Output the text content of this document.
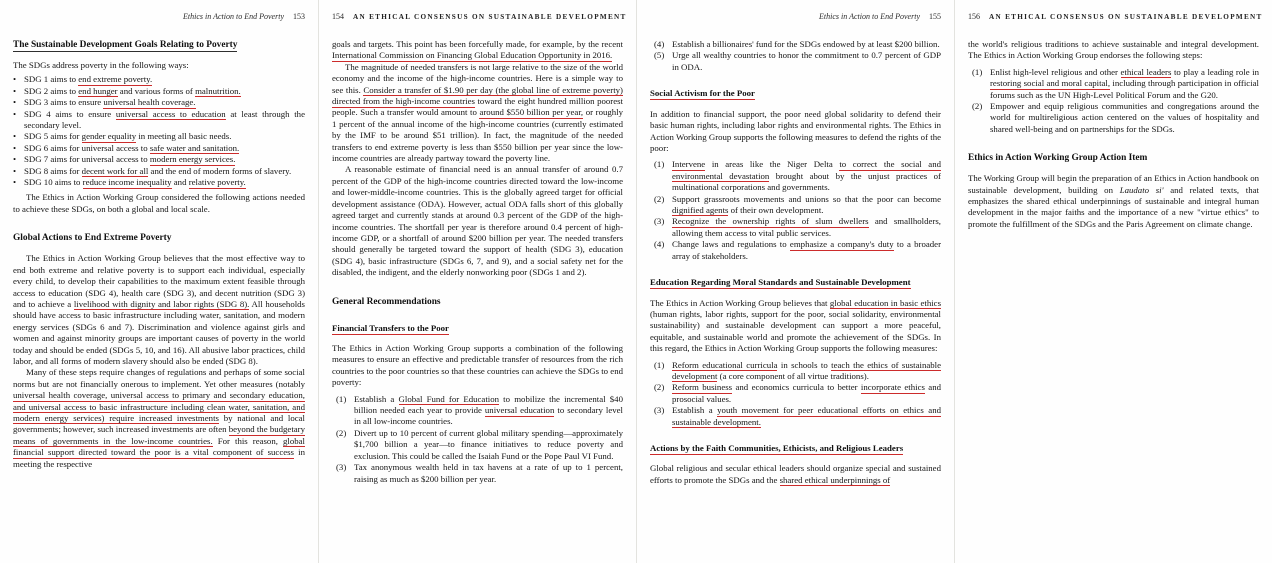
Ethics in Action to End Poverty 153
The Sustainable Development Goals Relating to Poverty
The SDGs address poverty in the following ways:
• SDG 1 aims to end extreme poverty.
• SDG 2 aims to end hunger and various forms of malnutrition.
• SDG 3 aims to ensure universal health coverage.
• SDG 4 aims to ensure universal access to education at least through the secondary level.
• SDG 5 aims for gender equality in meeting all basic needs.
• SDG 6 aims for universal access to safe water and sanitation.
• SDG 7 aims for universal access to modern energy services.
• SDG 8 aims for decent work for all and the end of modern forms of slavery.
• SDG 10 aims to reduce income inequality and relative poverty.
The Ethics in Action Working Group considered the following actions needed to achieve these SDGs, on both a global and local scale.
Global Actions to End Extreme Poverty
The Ethics in Action Working Group believes that the most effective way to end both extreme and relative poverty is to support each individual, especially every child, to develop their capabilities to the maximum extent feasible through access to education (SDG 4), health care (SDG 3), and decent nutrition (SDG 3) and to achieve a livelihood with dignity and labor rights (SDG 8). All households should have access to basic infrastructure including water, sanitation, and modern energy services (SDGs 6 and 7). Discrimination and violence against girls and women and against minority groups are important causes of poverty in the world today and should be ended (SDGs 5, 10, and 16). All abusive labor practices, child labor, and all forms of modern slavery should also be ended (SDG 8).
Many of these steps require changes of regulations and perhaps of some social norms but are not financially onerous to implement. Yet other measures (notably universal health coverage, universal access to primary and secondary education, and universal access to basic infrastructure including clean water, sanitation, and modern energy services) require increased investments by national and local governments; however, such increased investments are often beyond the budgetary means of governments in the low-income countries. For this reason, global financial support directed toward the poor is a vital component of success in meeting the respective
154 AN ETHICAL CONSENSUS ON SUSTAINABLE DEVELOPMENT
goals and targets. This point has been forcefully made, for example, by the recent International Commission on Financing Global Education Opportunity in 2016.
The magnitude of needed transfers is not large relative to the size of the world economy and the income of the high-income countries. Here is a simple way to see this. Consider a transfer of $1.90 per day (the global line of extreme poverty) directed from the high-income countries toward the eight hundred million poorest people. Such a transfer would amount to around $550 billion per year, or roughly 1 percent of the annual income of the high-income countries (currently estimated by the IMF to be around $51 trillion). In fact, the magnitude of the needed transfers to end extreme poverty is less than $550 billion per year since the low-income countries are already partway toward the poverty line.
A reasonable estimate of financial need is an annual transfer of around 0.7 percent of the GDP of the high-income countries directed toward the low-income and lower-middle-income countries. This is the globally agreed target for official development assistance (ODA). However, actual ODA falls short of this globally agreed target and currently stands at around 0.3 percent of the GDP of the high-income countries. The shortfall per year is therefore around 0.4 percent of high-income GDP, or a shortfall of around $200 billion per year. The needed transfers should generally be targeted toward the support of health (SDG 3), education (SDG 4), basic infrastructure (SDGs 6, 7, and 9), and a social safety net for the disabled, the indigent, and the elderly nonworking poor (SDGs 1 and 2).
General Recommendations
Financial Transfers to the Poor
The Ethics in Action Working Group supports a combination of the following measures to ensure an effective and predictable transfer of resources from the rich countries to the poor countries so that these countries can achieve the SDGs to end poverty:
(1) Establish a Global Fund for Education to mobilize the incremental $40 billion needed each year to provide universal education to secondary level in all low-income countries.
(2) Divert up to 10 percent of current global military spending—approximately $1,700 billion a year—to finance initiatives to reduce poverty and exclusion. This could be called the Isaiah Fund or the Pope Paul VI Fund.
(3) Tax anonymous wealth held in tax havens at a rate of up to 1 percent, raising as much as $200 billion per year.
Ethics in Action to End Poverty 155
(4) Establish a billionaires' fund for the SDGs endowed by at least $200 billion.
(5) Urge all wealthy countries to honor the commitment to 0.7 percent of GDP in ODA.
Social Activism for the Poor
In addition to financial support, the poor need global solidarity to defend their basic human rights, including labor rights and environmental rights. The Ethics in Action Working Group supports the following measures to defend the rights of the poor:
(1) Intervene in areas like the Niger Delta to correct the social and environmental devastation brought about by the unjust practices of multinational corporations and governments.
(2) Support grassroots movements and unions so that the poor can become dignified agents of their own development.
(3) Recognize the ownership rights of slum dwellers and smallholders, allowing them access to vital public services.
(4) Change laws and regulations to emphasize a company's duty to a broader array of stakeholders.
Education Regarding Moral Standards and Sustainable Development
The Ethics in Action Working Group believes that global education in basic ethics (human rights, labor rights, support for the poor, social solidarity, environmental sustainability) and sustainable development can support a more peaceful, equitable, and sustainable world and promote the achievement of the SDGs. In this regard, the Ethics in Action Working Group supports the following measures:
(1) Reform educational curricula in schools to teach the ethics of sustainable development (a core component of all virtue traditions).
(2) Reform business and economics curricula to better incorporate ethics and prosocial values.
(3) Establish a youth movement for peer educational efforts on ethics and sustainable development.
Actions by the Faith Communities, Ethicists, and Religious Leaders
Global religious and secular ethical leaders should organize special and sustained efforts to promote the SDGs and the shared ethical underpinnings of
156 AN ETHICAL CONSENSUS ON SUSTAINABLE DEVELOPMENT
the world's religious traditions to achieve sustainable and integral development. The Ethics in Action Working Group endorses the following steps:
(1) Enlist high-level religious and other ethical leaders to play a leading role in restoring social and moral capital, including through participation in official forums such as the UN High-Level Political Forum and the G20.
(2) Empower and equip religious communities and congregations around the world for multireligious action centered on the values of hospitality and shared well-being and on partnerships for the SDGs.
Ethics in Action Working Group Action Item
The Working Group will begin the preparation of an Ethics in Action handbook on sustainable development, building on Laudato si' and related texts, that emphasizes the shared ethical underpinnings of sustainable and integral human development in the major faiths and the importance of a new "virtue ethics" to promote the fulfillment of the SDGs and the Paris Agreement on climate change.
